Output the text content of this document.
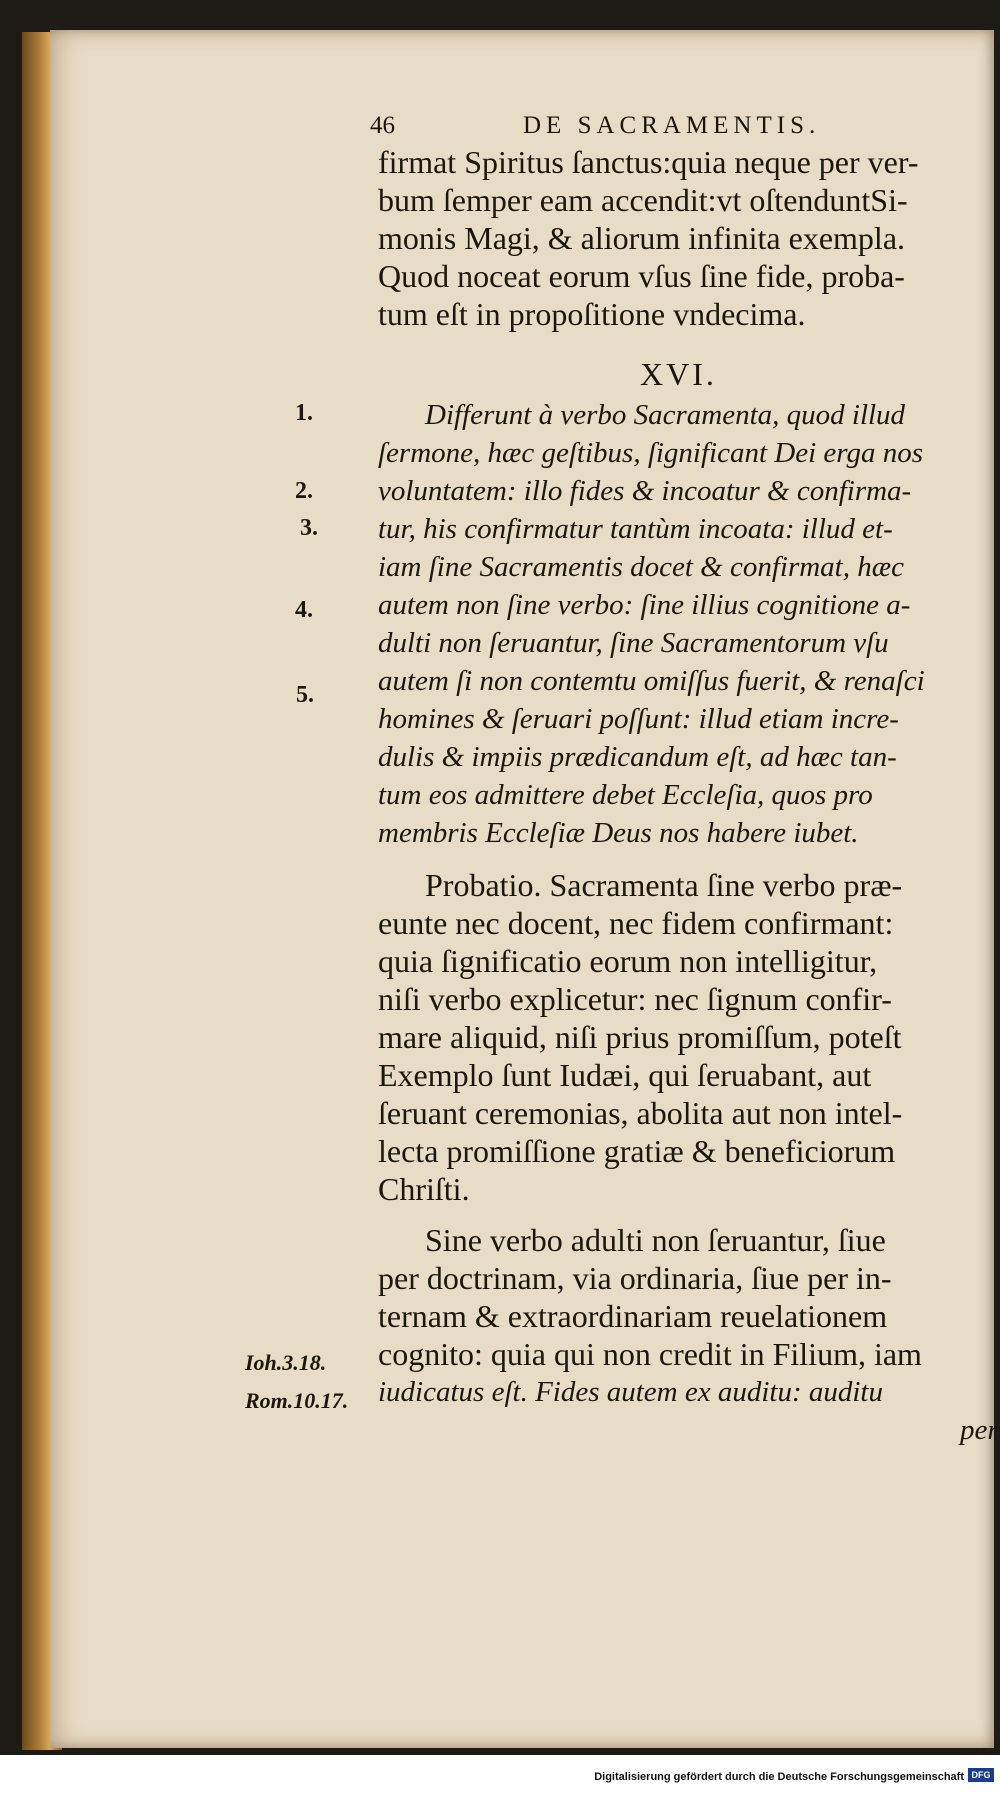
46	DE SACRAMENTIS.
firmat Spiritus ſanctus:quia neque per ver-
bum ſemper eam accendit:vt oſtenduntSi-
monis Magi, & aliorum infinita exempla.
Quod noceat eorum vſus ſine fide, proba-
tum eſt in propoſitione vndecima.
XVI.
Differunt à verbo Sacramenta, quod illud
ſermone, hæc geſtibus, ſignificant Dei erga nos
voluntatem: illo fides & incoatur & confirma-
tur, his confirmatur tantùm incoata: illud et-
iam ſine Sacramentis docet & confirmat, hæc
autem non ſine verbo: ſine illius cognitione a-
dulti non ſeruantur, ſine Sacramentorum vſu
autem ſi non contemtu omiſſus fuerit, & renaſci
homines & ſeruari poſſunt: illud etiam incre-
dulis & impiis prædicandum eſt, ad hæc tan-
tum eos admittere debet Eccleſia, quos pro
membris Eccleſiæ Deus nos habere iubet.
Probatio. Sacramenta ſine verbo præ-
eunte nec docent, nec fidem confirmant:
quia ſignificatio eorum non intelligitur,
niſi verbo explicetur: nec ſignum confir-
mare aliquid, niſi prius promiſſum, poteſt
Exemplo ſunt Iudæi, qui ſeruabant, aut
ſeruant ceremonias, abolita aut non intel-
lecta promiſſione gratiæ & beneficiorum
Chriſti.
Sine verbo adulti non ſeruantur, ſiue
per doctrinam, via ordinaria, ſiue per in-
ternam & extraordinariam reuelationem
cognito: quia qui non credit in Filium, iam
iudicatus eſt. Fides autem ex auditu: auditu
per
1.
2.
3.
4.
5.
Ioh.3.18.
Rom.10.17.
Digitalisierung gefördert durch die Deutsche Forschungsgemeinschaft DFG
